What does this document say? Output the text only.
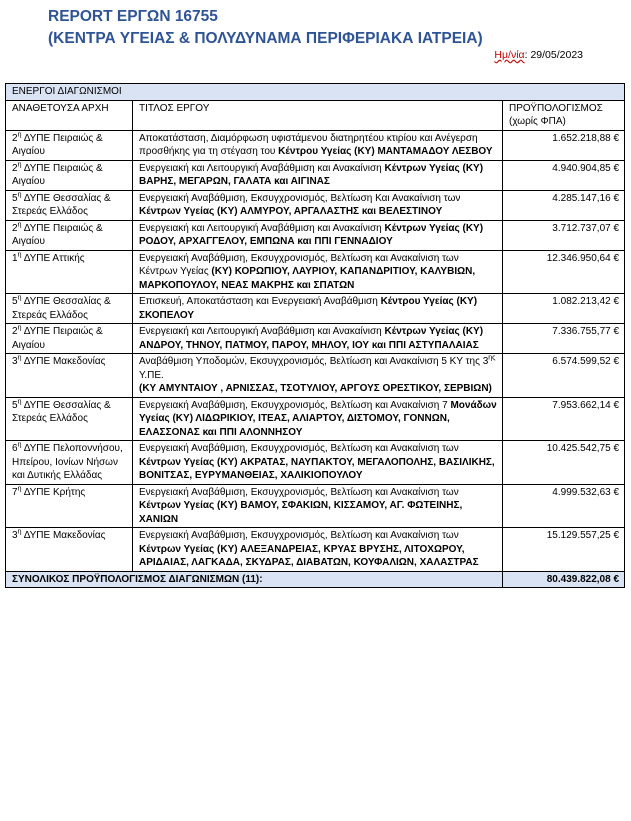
REPORT ΕΡΓΩΝ 16755
(ΚΕΝΤΡΑ ΥΓΕΙΑΣ & ΠΟΛΥΔΥΝΑΜΑ ΠΕΡΙΦΕΡΙΑΚΑ ΙΑΤΡΕΙΑ)
Ημ/νία: 29/05/2023
ΕΝΕΡΓΟΙ ΔΙΑΓΩΝΙΣΜΟΙ		
ΑΝΑΘΕΤΟΥΣΑ ΑΡΧΗ	ΤΙΤΛΟΣ ΕΡΓΟΥ	ΠΡΟΫΠΟΛΟΓΙΣΜΟΣ
(χωρίς ΦΠΑ)

$2^\eta$ ΔΥΠΕ Πειραιώς & Αιγαίου	Αποκατάσταση, Διαμόρφωση υφιστάμενου διατηρητέου κτιρίου και Ανέγερση προσθήκης για τη στέγαση του Κέντρου Υγείας (ΚΥ) ΜΑΝΤΑΜΑΔΟΥ ΛΕΣΒΟΥ	1.652.218,88 €
$2^\eta$ ΔΥΠΕ Πειραιώς & Αιγαίου	Ενεργειακή και Λειτουργική Αναβάθμιση και Ανακαίνιση Κέντρων Υγείας (ΚΥ) ΒΑΡΗΣ, ΜΕΓΑΡΩΝ, ΓΑΛΑΤΑ και ΑΙΓΙΝΑΣ	4.940.904,85 €
$5^\eta$ ΔΥΠΕ Θεσσαλίας & Στερεάς Ελλάδος	Ενεργειακή Αναβάθμιση, Εκσυγχρονισμός, Βελτίωση Και Ανακαίνιση των Κέντρων Υγείας (ΚΥ) ΑΛΜΥΡΟΥ, ΑΡΓΑΛΑΣΤΗΣ και ΒΕΛΕΣΤΙΝΟΥ	4.285.147,16 €
$2^\eta$ ΔΥΠΕ Πειραιώς & Αιγαίου	Ενεργειακή και Λειτουργική Αναβάθμιση και Ανακαίνιση Κέντρων Υγείας (ΚΥ) ΡΟΔΟΥ, ΑΡΧΑΓΓΕΛΟΥ, ΕΜΠΩΝΑ και ΠΠΙ ΓΕΝΝΑΔΙΟΥ	3.712.737,07 €
$1^\eta$ ΔΥΠΕ Αττικής	Ενεργειακή Αναβάθμιση, Εκσυγχρονισμός, Βελτίωση και Ανακαίνιση των Κέντρων Υγείας (ΚΥ) ΚΟΡΩΠΙΟΥ, ΛΑΥΡΙΟΥ, ΚΑΠΑΝΔΡΙΤΙΟΥ, ΚΑΛΥΒΙΩΝ, ΜΑΡΚΟΠΟΥΛΟΥ, ΝΕΑΣ ΜΑΚΡΗΣ και ΣΠΑΤΩΝ	12.346.950,64 €
$5^\eta$ ΔΥΠΕ Θεσσαλίας & Στερεάς Ελλάδος	Επισκευή, Αποκατάσταση και Ενεργειακή Αναβάθμιση Κέντρου Υγείας (ΚΥ) ΣΚΟΠΕΛΟΥ	1.082.213,42 €
$2^\eta$ ΔΥΠΕ Πειραιώς & Αιγαίου	Ενεργειακή και Λειτουργική Αναβάθμιση και Ανακαίνιση Κέντρων Υγείας (ΚΥ) ΑΝΔΡΟΥ, ΤΗΝΟΥ, ΠΑΤΜΟΥ, ΠΑΡΟΥ, ΜΗΛΟΥ, ΙΟΥ και ΠΠΙ ΑΣΤΥΠΑΛΑΙΑΣ	7.336.755,77 €
$3^\eta$ ΔΥΠΕ Μακεδονίας	Αναβάθμιση Υποδομών, Εκσυγχρονισμός, Βελτίωση και Ανακαίνιση 5 ΚΥ της $3^{\eta\varsigma}$ Υ.ΠΕ.
(ΚΥ ΑΜΥΝΤΑΙΟΥ , ΑΡΝΙΣΣΑΣ, ΤΣΟΤΥΛΙΟΥ, ΑΡΓΟΥΣ ΟΡΕΣΤΙΚΟΥ, ΣΕΡΒΙΩΝ)	6.574.599,52 €
$5^\eta$ ΔΥΠΕ Θεσσαλίας & Στερεάς Ελλάδος	Ενεργειακή Αναβάθμιση, Εκσυγχρονισμός, Βελτίωση και Ανακαίνιση 7 Μονάδων Υγείας (ΚΥ) ΛΙΔΩΡΙΚΙΟΥ, ΙΤΕΑΣ, ΑΛΙΑΡΤΟΥ, ΔΙΣΤΟΜΟΥ, ΓΟΝΝΩΝ, ΕΛΑΣΣΟΝΑΣ και ΠΠΙ ΑΛΟΝΝΗΣΟΥ	7.953.662,14 €
$6^\eta$ ΔΥΠΕ Πελοποννήσου, Ηπείρου, Ιονίων Νήσων και Δυτικής Ελλάδας	Ενεργειακή Αναβάθμιση, Εκσυγχρονισμός, Βελτίωση και Ανακαίνιση των Κέντρων Υγείας (ΚΥ) ΑΚΡΑΤΑΣ, ΝΑΥΠΑΚΤΟΥ, ΜΕΓΑΛΟΠΟΛΗΣ, ΒΑΣΙΛΙΚΗΣ, ΒΟΝΙΤΣΑΣ, ΕΥΡΥΜΑΝΘΕΙΑΣ, ΧΑΛΙΚΙΟΠΟΥΛΟΥ	10.425.542,75 €
$7^\eta$ ΔΥΠΕ Κρήτης	Ενεργειακή Αναβάθμιση, Εκσυγχρονισμός, Βελτίωση και Ανακαίνιση των Κέντρων Υγείας (ΚΥ) ΒΑΜΟΥ, ΣΦΑΚΙΩΝ, ΚΙΣΣΑΜΟΥ, ΑΓ. ΦΩΤΕΙΝΗΣ, ΧΑΝΙΩΝ	4.999.532,63 €
$3^\eta$ ΔΥΠΕ Μακεδονίας	Ενεργειακή Αναβάθμιση, Εκσυγχρονισμός, Βελτίωση και Ανακαίνιση των Κέντρων Υγείας (ΚΥ) ΑΛΕΞΑΝΔΡΕΙΑΣ, ΚΡΥΑΣ ΒΡΥΣΗΣ, ΛΙΤΟΧΩΡΟΥ, ΑΡΙΔΑΙΑΣ, ΛΑΓΚΑΔΑ, ΣΚΥΔΡΑΣ, ΔΙΑΒΑΤΩΝ, ΚΟΥΦΑΛΙΩΝ, ΧΑΛΑΣΤΡΑΣ	15.129.557,25 €
ΣΥΝΟΛΙΚΟΣ ΠΡΟΫΠΟΛΟΓΙΣΜΟΣ ΔΙΑΓΩΝΙΣΜΩΝ (11):		80.439.822,08 €
